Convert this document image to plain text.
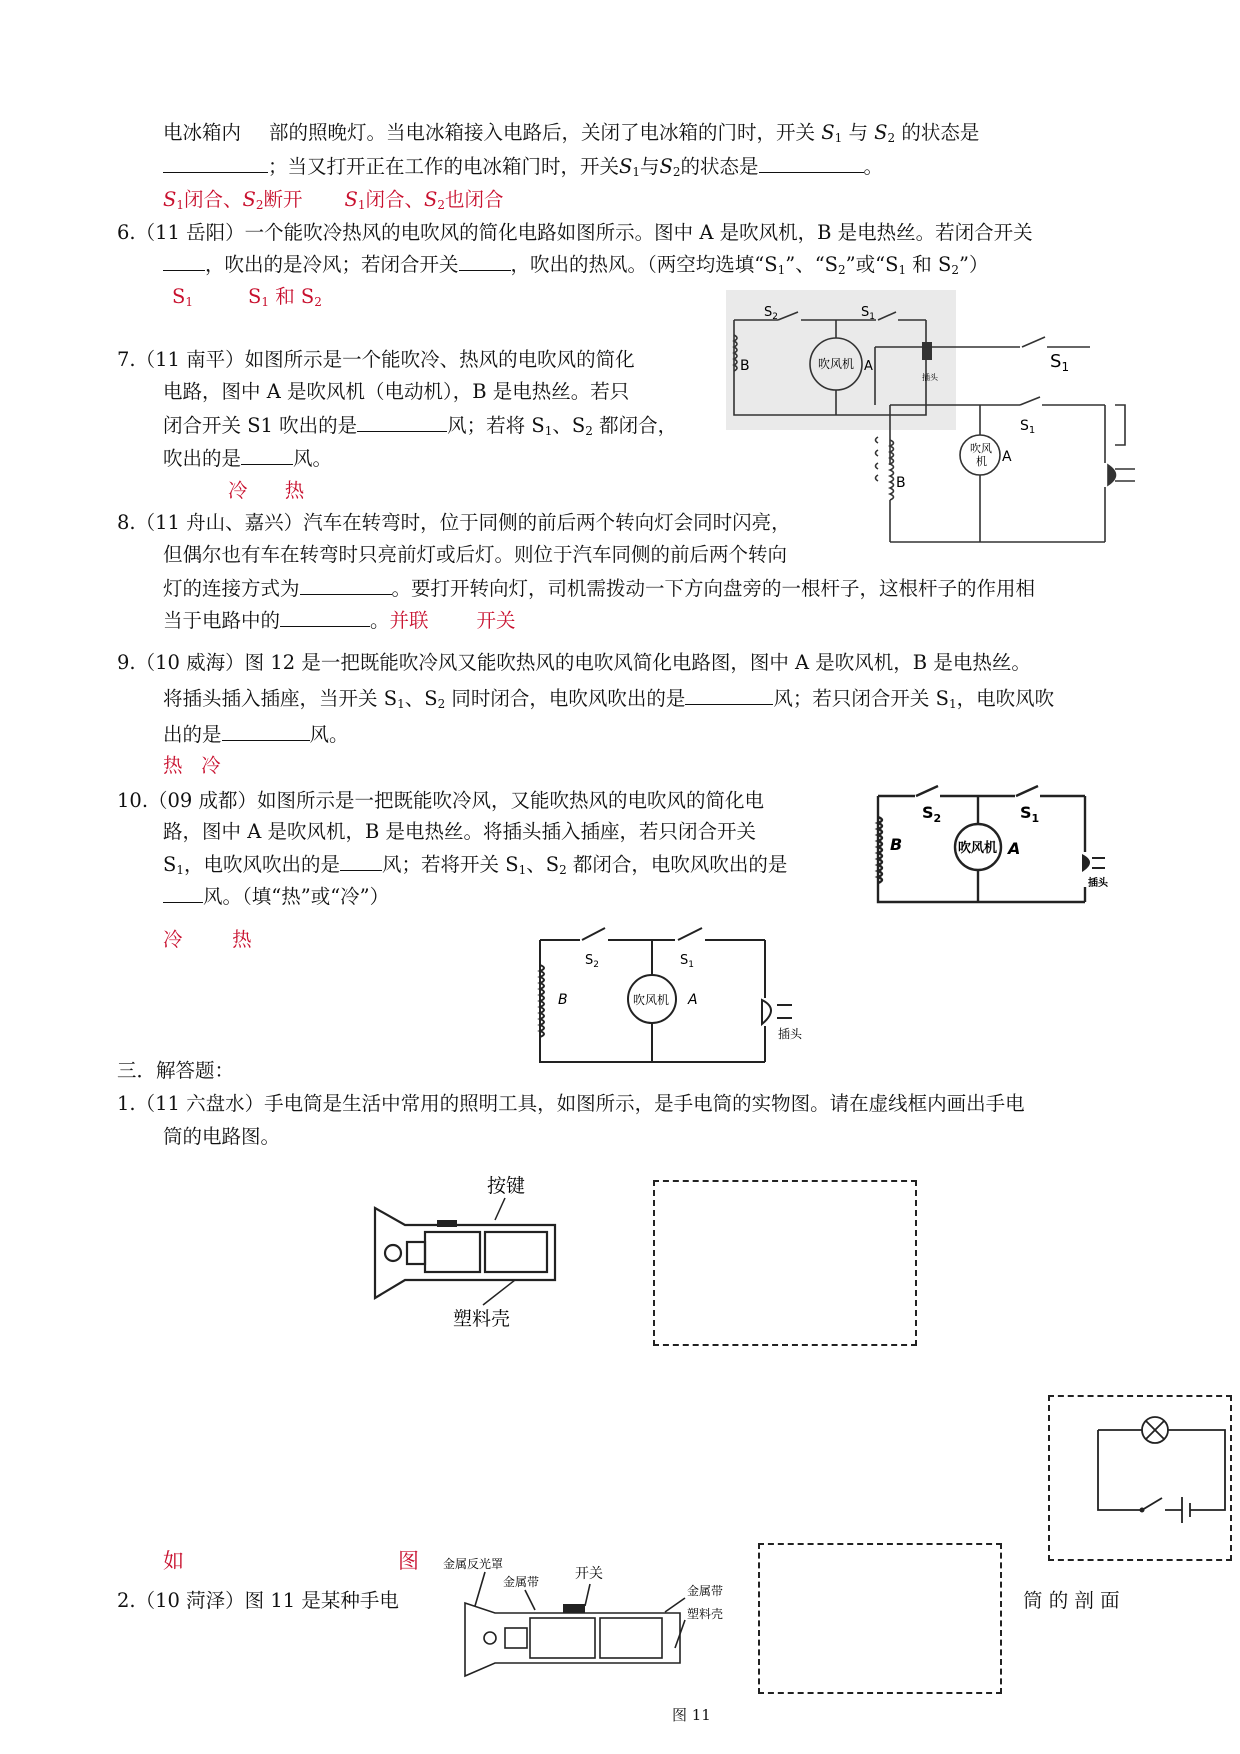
电冰箱内 部的照晚灯。当电冰箱接入电路后，关闭了电冰箱的门时，开关 $S_1$ 与 $S_2$ 的状态是
；当又打开正在工作的电冰箱门时，开关$S_1$与$S_2$的状态是	。
$S_1$闭合、$S_2$断开 $S_1$闭合、$S_2$也闭合
6.（11 岳阳）一个能吹冷热风的电吹风的简化电路如图所示。图中 A 是吹风机，B 是电热丝。若闭合开关
，吹出的是冷风；若闭合开关	，吹出的热风。（两空均选填“$S_1$”、“$S_2$”或“$S_1$ 和 $S_2$”）
$S_1$	$S_1$ 和 $S_2$
7.（11 南平）如图所示是一个能吹冷、热风的电吹风的简化
电路，图中 A 是吹风机（电动机），B 是电热丝。若只
闭合开关 S1 吹出的是	风；若将 $S_1$、$S_2$ 都闭合，
吹出的是	风。
冷      热
8.（11 舟山、嘉兴）汽车在转弯时，位于同侧的前后两个转向灯会同时闪亮，
但偶尔也有车在转弯时只亮前灯或后灯。则位于汽车同侧的前后两个转向
灯的连接方式为	。要打开转向灯，司机需拨动一下方向盘旁的一根杆子，这根杆子的作用相
当于电路中的	。并联 开关
9.（10 威海）图 12 是一把既能吹冷风又能吹热风的电吹风简化电路图，图中 A 是吹风机，B 是电热丝。
将插头插入插座，当开关 $S_1$、$S_2$ 同时闭合，电吹风吹出的是	风；若只闭合开关 $S_1$，电吹风吹
出的是	风。
热   冷
10.（09 成都）如图所示是一把既能吹冷风，又能吹热风的电吹风的简化电
路，图中 A 是吹风机，B 是电热丝。将插头插入插座，若只闭合开关
$S_1$，电吹风吹出的是 风；若将开关 $S_1$、$S_2$ 都闭合，电吹风吹出的是
风。（填“热”或“冷”）
冷        热
三．解答题：
1.（11 六盘水）手电筒是生活中常用的照明工具，如图所示，是手电筒的实物图。请在虚线框内画出手电
筒的电路图。
如	图
2.（10 菏泽）图 11 是某种手电	筒 的 剖 面
$S_2$	$S_1$
B	吹风机 A
插头
$S_1$
$S_1$
B
吹风
机 A
$S_2$	$S_1$
B	吹风机 A
插头
$S_2$	$S_1$
B	吹风机 A
插头
按键
塑料壳
金属反光罩
金属带	开关
金属带
塑料壳
图 11
